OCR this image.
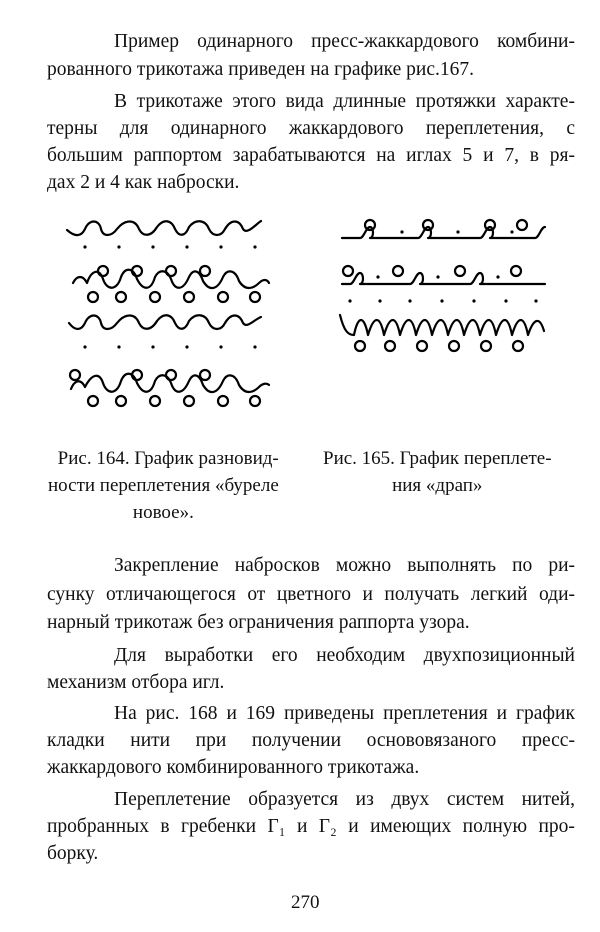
Пример одинарного пресс-жаккардового комбини-
рованного трикотажа приведен на графике рис.167.
В трикотаже этого вида длинные протяжки характе-
терны для одинарного жаккардового переплетения, с
большим раппортом зарабатываются на иглах 5 и 7, в ря-
дах 2 и 4 как наброски.
Рис. 164. График разновид-
ности переплетения «буреле
новое».
Рис. 165. График переплете-
ния «драп»
Закрепление набросков можно выполнять по ри-
сунку отличающегося от цветного и получать легкий оди-
нарный трикотаж без ограничения раппорта узора.
Для выработки его необходим двухпозиционный
механизм отбора игл.
На рис. 168 и 169 приведены преплетения и график
кладки нити при получении основовязаного пресс-
жаккардового комбинированного трикотажа.
Переплетение образуется из двух систем нитей,
пробранных в гребенки Г₁ и Г₂ и имеющих полную про-
борку.
270
